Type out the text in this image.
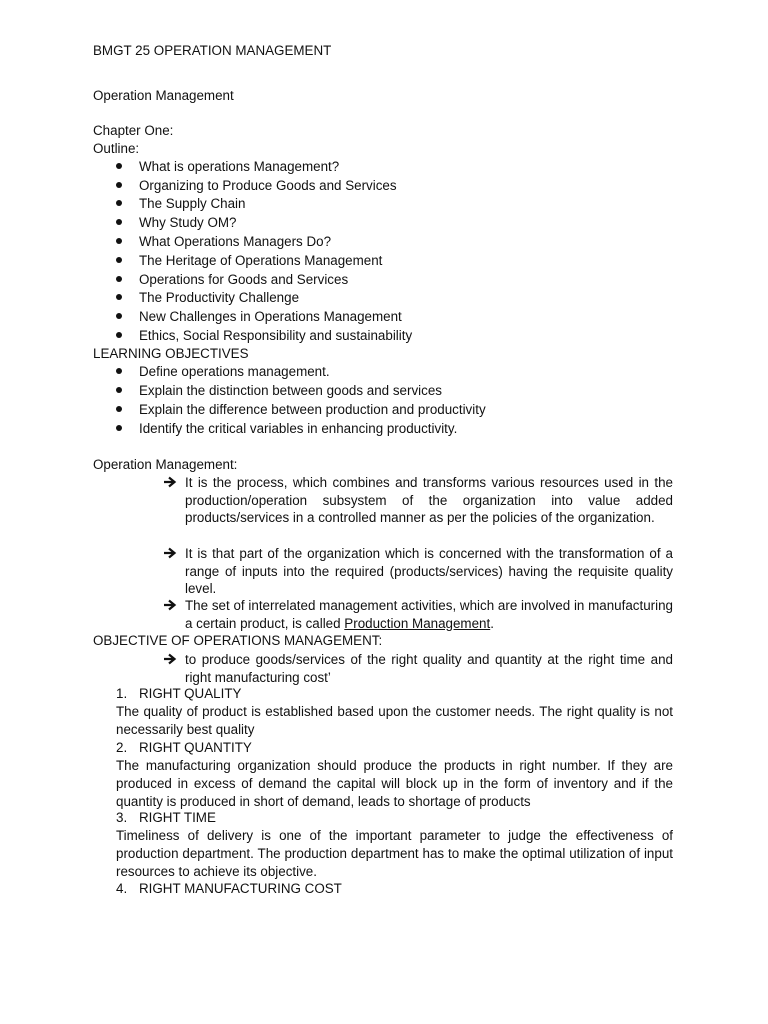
BMGT 25 OPERATION MANAGEMENT
Operation Management
Chapter One:
Outline:
What is operations Management?
Organizing to Produce Goods and Services
The Supply Chain
Why Study OM?
What Operations Managers Do?
The Heritage of Operations Management
Operations for Goods and Services
The Productivity Challenge
New Challenges in Operations Management
Ethics, Social Responsibility and sustainability
LEARNING OBJECTIVES
Define operations management.
Explain the distinction between goods and services
Explain the difference between production and productivity
Identify the critical variables in enhancing productivity.
Operation Management:
It is the process, which combines and transforms various resources used in the production/operation subsystem of the organization into value added products/services in a controlled manner as per the policies of the organization.
It is that part of the organization which is concerned with the transformation of a range of inputs into the required (products/services) having the requisite quality level.
The set of interrelated management activities, which are involved in manufacturing a certain product, is called Production Management.
OBJECTIVE OF OPERATIONS MANAGEMENT:
to produce goods/services of the right quality and quantity at the right time and right manufacturing cost’
1. RIGHT QUALITY
The quality of product is established based upon the customer needs. The right quality is not necessarily best quality
2. RIGHT QUANTITY
The manufacturing organization should produce the products in right number. If they are produced in excess of demand the capital will block up in the form of inventory and if the quantity is produced in short of demand, leads to shortage of products
3. RIGHT TIME
Timeliness of delivery is one of the important parameter to judge the effectiveness of production department. The production department has to make the optimal utilization of input resources to achieve its objective.
4. RIGHT MANUFACTURING COST
